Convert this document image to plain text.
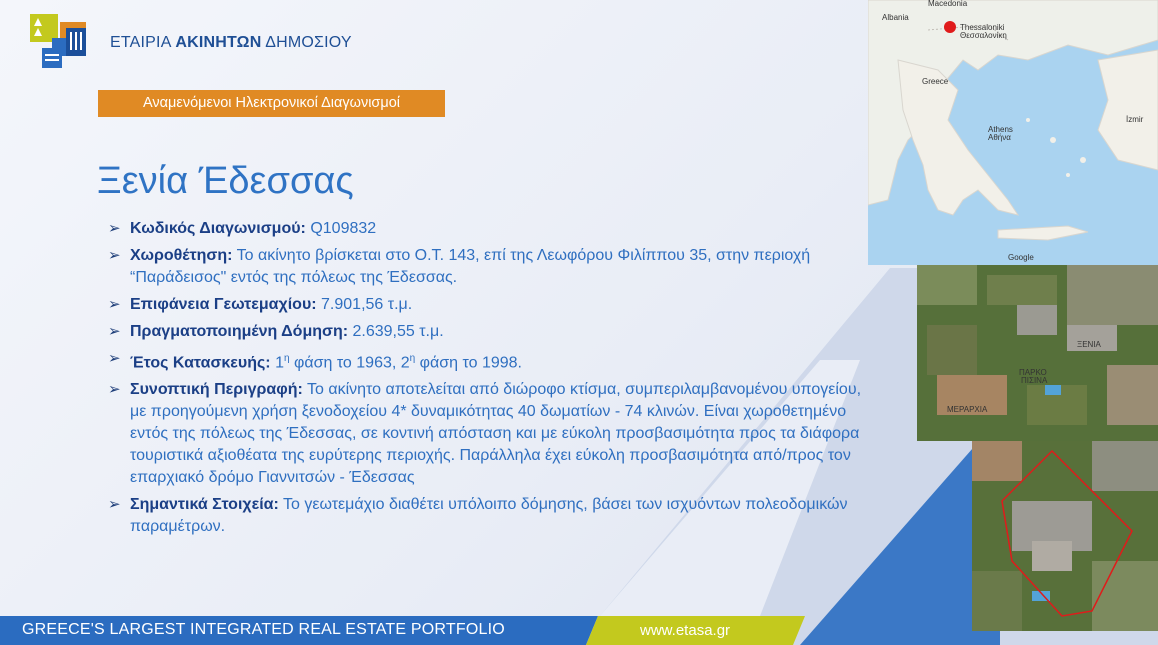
ΕΤΑΙΡΙΑ ΑΚΙΝΗΤΩΝ ΔΗΜΟΣΙΟΥ
Αναμενόμενοι Ηλεκτρονικοί Διαγωνισμοί
Ξενία Έδεσσας
➢ Κωδικός Διαγωνισμού: Q109832
➢ Χωροθέτηση: Το ακίνητο βρίσκεται στο Ο.Τ. 143, επί της Λεωφόρου Φιλίππου 35, στην περιοχή “Παράδεισος" εντός της πόλεως της Έδεσσας.
➢ Επιφάνεια Γεωτεμαχίου: 7.901,56 τ.μ.
➢ Πραγματοποιημένη Δόμηση: 2.639,55 τ.μ.
➢ Έτος Κατασκευής: $1^\eta$ φάση το 1963, $2^\eta$ φάση το 1998.
➢ Συνοπτική Περιγραφή: Το ακίνητο αποτελείται από διώροφο κτίσμα, συμπεριλαμβανομένου υπογείου, με προηγούμενη χρήση ξενοδοχείου 4* δυναμικότητας 40 δωματίων - 74 κλινών. Είναι χωροθετημένο εντός της πόλεως της Έδεσσας, σε κοντινή απόσταση και με εύκολη προσβασιμότητα προς τα διάφορα τουριστικά αξιοθέατα της ευρύτερης περιοχής. Παράλληλα έχει εύκολη προσβασιμότητα από/προς τον επαρχιακό δρόμο Γιαννιτσών - Έδεσσας
➢ Σημαντικά Στοιχεία: Το γεωτεμάχιο διαθέτει υπόλοιπο δόμησης, βάσει των ισχυόντων πολεοδομικών παραμέτρων.
Albania
Macedonia
Thessaloniki
Θεσσαλονίκη
Greece
Athens
Αθήνα
İzmir
Google
ΞΕΝΙΑ
ΠΑΡΚΟ
ΠΙΣΙΝΑ
ΜΕΡΑΡΧΙΑ
GREECE'S LARGEST INTEGRATED REAL ESTATE PORTFOLIO	www.etasa.gr
